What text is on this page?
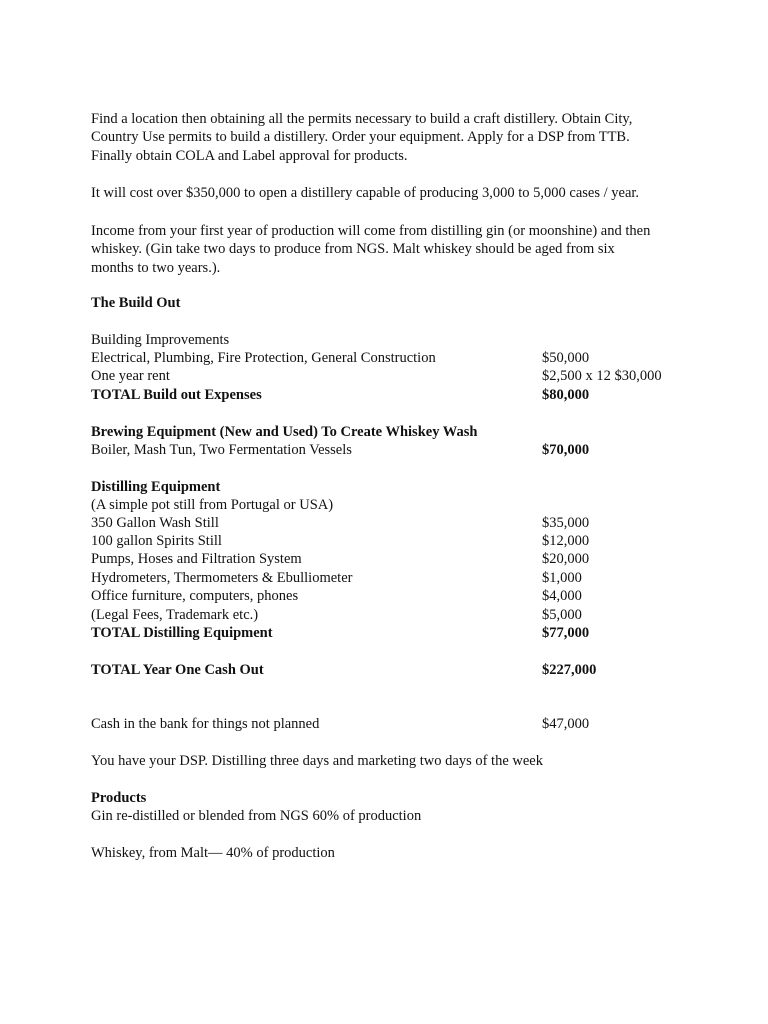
Find a location then obtaining all the permits necessary to build a craft distillery. Obtain City,
Country Use permits to build a distillery. Order your equipment. Apply for a DSP from TTB.
Finally obtain COLA and Label approval for products.
It will cost over $350,000 to open a distillery capable of producing 3,000 to 5,000 cases / year.
Income from your first year of production will come from distilling gin (or moonshine) and then
whiskey. (Gin take two days to produce from NGS. Malt whiskey should be aged from six
months to two years.).
The Build Out
Building Improvements
Electrical, Plumbing, Fire Protection, General Construction	$50,000
One year rent	$2,500 x 12 $30,000
TOTAL Build out Expenses	$80,000
Brewing Equipment (New and Used) To Create Whiskey Wash
Boiler, Mash Tun, Two Fermentation Vessels	$70,000
Distilling Equipment
(A simple pot still from Portugal or USA)
350 Gallon Wash Still	$35,000
100 gallon Spirits Still	$12,000
Pumps, Hoses and Filtration System	$20,000
Hydrometers, Thermometers & Ebulliometer	$1,000
Office furniture, computers, phones	$4,000
(Legal Fees, Trademark etc.)	$5,000
TOTAL Distilling Equipment	$77,000
TOTAL Year One Cash Out	$227,000
Cash in the bank for things not planned	$47,000
You have your DSP. Distilling three days and marketing two days of the week
Products
Gin re-distilled or blended from NGS 60% of production
Whiskey, from Malt— 40% of production
